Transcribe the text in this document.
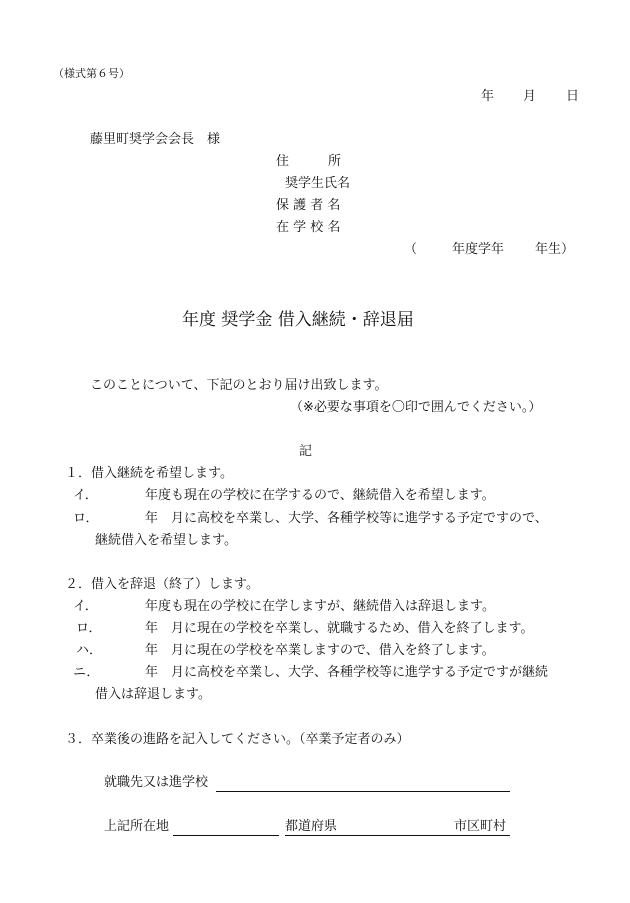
（様式第６号）
年 月 日
藤里町奨学会会長　様
住　　　所
奨学生氏名
保 護 者 名
在 学 校 名
（	年度学年 年生）
年度 奨学金 借入継続・辞退届
このことについて、下記のとおり届け出致します。
（※必要な事項を〇印で囲んでください。）
記
１．借入継続を希望します。
イ．	年度も現在の学校に在学するので、継続借入を希望します。
ロ．	年　月に高校を卒業し、大学、各種学校等に進学する予定ですので、
継続借入を希望します。
２．借入を辞退（終了）します。
イ．	年度も現在の学校に在学しますが、継続借入は辞退します。
ロ．	年　月に現在の学校を卒業し、就職するため、借入を終了します。
ハ．	年　月に現在の学校を卒業しますので、借入を終了します。
ニ．	年　月に高校を卒業し、大学、各種学校等に進学する予定ですが継続
借入は辞退します。
３．卒業後の進路を記入してください。（卒業予定者のみ）
就職先又は進学校
上記所在地	都道府県	市区町村
